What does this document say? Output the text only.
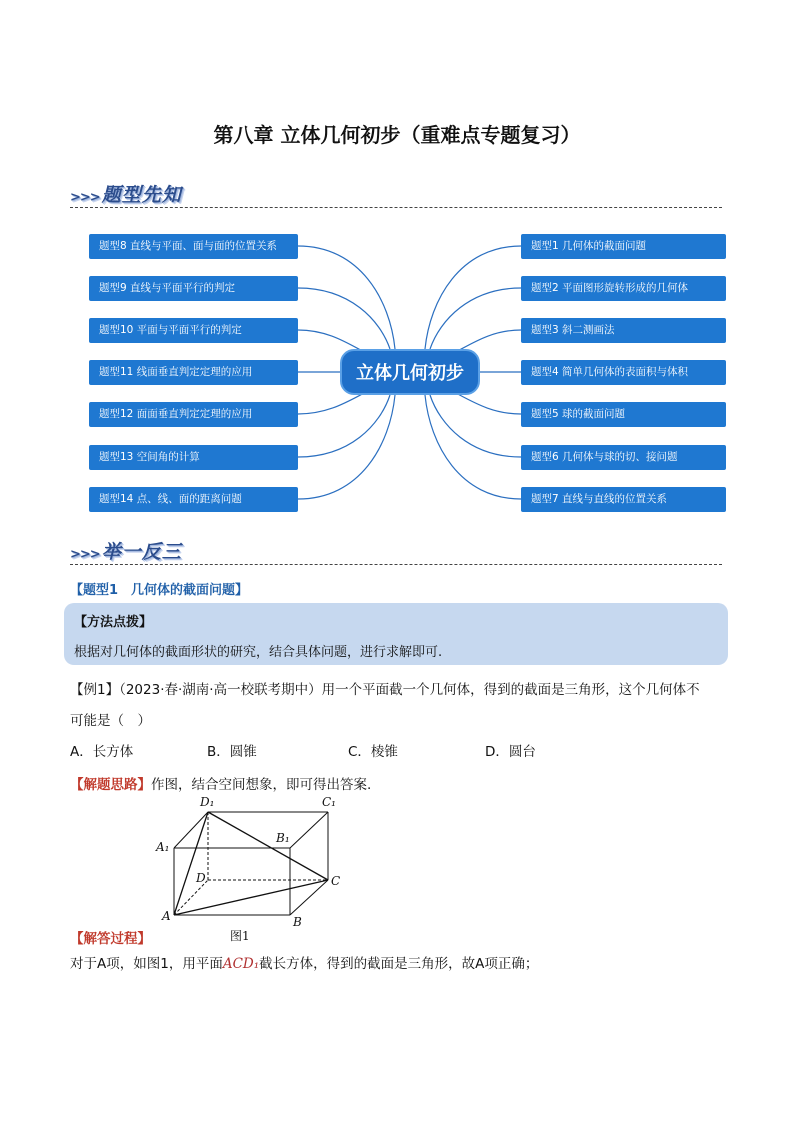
第八章 立体几何初步（重难点专题复习）
>>> 题型先知
立体几何初步
题型8 直线与平面、面与面的位置关系
题型9 直线与平面平行的判定
题型10 平面与平面平行的判定
题型11 线面垂直判定定理的应用
题型12 面面垂直判定定理的应用
题型13 空间角的计算
题型14 点、线、面的距离问题
题型1 几何体的截面问题
题型2 平面图形旋转形成的几何体
题型3 斜二测画法
题型4 简单几何体的表面积与体积
题型5 球的截面问题
题型6 几何体与球的切、接问题
题型7 直线与直线的位置关系
>>> 举一反三
【题型1　几何体的截面问题】
【方法点拨】
根据对几何体的截面形状的研究，结合具体问题，进行求解即可.
【例1】（2023·春·湖南·高一校联考期中）用一个平面截一个几何体，得到的截面是三角形，这个几何体不
可能是（　）
A．长方体	B．圆锥	C．棱锥	D．圆台
【解题思路】作图，结合空间想象，即可得出答案.
D₁	C₁
A₁
B₁
D	C
A	B
图1
【解答过程】
对于A项，如图1，用平面ACD₁截长方体，得到的截面是三角形，故A项正确；
